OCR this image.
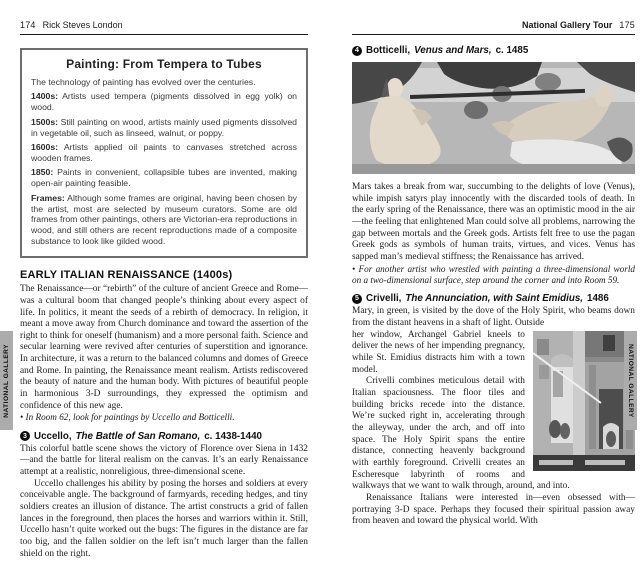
174 Rick Steves London
Painting: From Tempera to Tubes

The technology of painting has evolved over the centuries.

1400s: Artists used tempera (pigments dissolved in egg yolk) on wood.

1500s: Still painting on wood, artists mainly used pigments dissolved in vegetable oil, such as linseed, walnut, or poppy.

1600s: Artists applied oil paints to canvases stretched across wooden frames.

1850: Paints in convenient, collapsible tubes are invented, making open-air painting feasible.

Frames: Although some frames are original, having been chosen by the artist, most are selected by museum curators. Some are old frames from other paintings, others are Victorian-era reproductions in wood, and still others are recent reproductions made of a composite substance to look like gilded wood.

EARLY ITALIAN RENAISSANCE (1400s)

The Renaissance—or “rebirth” of the culture of ancient Greece and Rome—was a cultural boom that changed people’s thinking about every aspect of life. In politics, it meant the seeds of a rebirth of democracy. In religion, it meant a move away from Church dominance and toward the assertion of the right to think for oneself (humanism) and a more personal faith. Science and secular learning were revived after centuries of superstition and ignorance. In architecture, it was a return to the balanced columns and domes of Greece and Rome. In painting, the Renaissance meant realism. Artists rediscovered the beauty of nature and the human body. With pictures of beautiful people in harmonious 3-D surroundings, they expressed the optimism and confidence of this new age.

• In Room 62, look for paintings by Uccello and Botticelli.

3 Uccello, The Battle of San Romano, c. 1438-1440

This colorful battle scene shows the victory of Florence over Siena in 1432—and the battle for literal realism on the canvas. It’s an early Renaissance attempt at a realistic, nonreligious, three-dimensional scene.

Uccello challenges his ability by posing the horses and soldiers at every conceivable angle. The background of farmyards, receding hedges, and tiny soldiers creates an illusion of distance. The artist constructs a grid of fallen lances in the foreground, then places the horses and warriors within it. Still, Uccello hasn’t quite worked out the bugs: The figures in the distance are far too big, and the fallen soldier on the left isn’t much larger than the fallen shield on the right.

National Gallery Tour 175
4 Botticelli, Venus and Mars, c. 1485

Mars takes a break from war, succumbing to the delights of love (Venus), while impish satyrs play innocently with the discarded tools of death. In the early spring of the Renaissance, there was an optimistic mood in the air—the feeling that enlightened Man could solve all problems, narrowing the gap between mortals and the Greek gods. Artists felt free to use the pagan Greek gods as symbols of human traits, virtues, and vices. Venus has sapped man’s medieval stiffness; the Renaissance has arrived.

• For another artist who wrestled with painting a three-dimensional world on a two-dimensional surface, step around the corner and into Room 59.

5 Crivelli, The Annunciation, with Saint Emidius, 1486

Mary, in green, is visited by the dove of the Holy Spirit, who beams down from the distant heavens in a shaft of light. Outside

her window, Archangel Gabriel kneels to deliver the news of her impending pregnancy, while St. Emidius distracts him with a town model.

Crivelli combines meticulous detail with Italian spaciousness. The floor tiles and building bricks recede into the distance. We’re sucked right in, accelerating through the alleyway, under the arch, and off into space. The Holy Spirit spans the entire distance, connecting heavenly background with earthly foreground. Crivelli creates an Escheresque labyrinth of rooms and walkways that we want to walk through, around, and into.

Renaissance Italians were interested in—even obsessed with—portraying 3-D space. Perhaps they focused their spiritual passion away from heaven and toward the physical world. With

NATIONAL GALLERY	NATIONAL GALLERY
